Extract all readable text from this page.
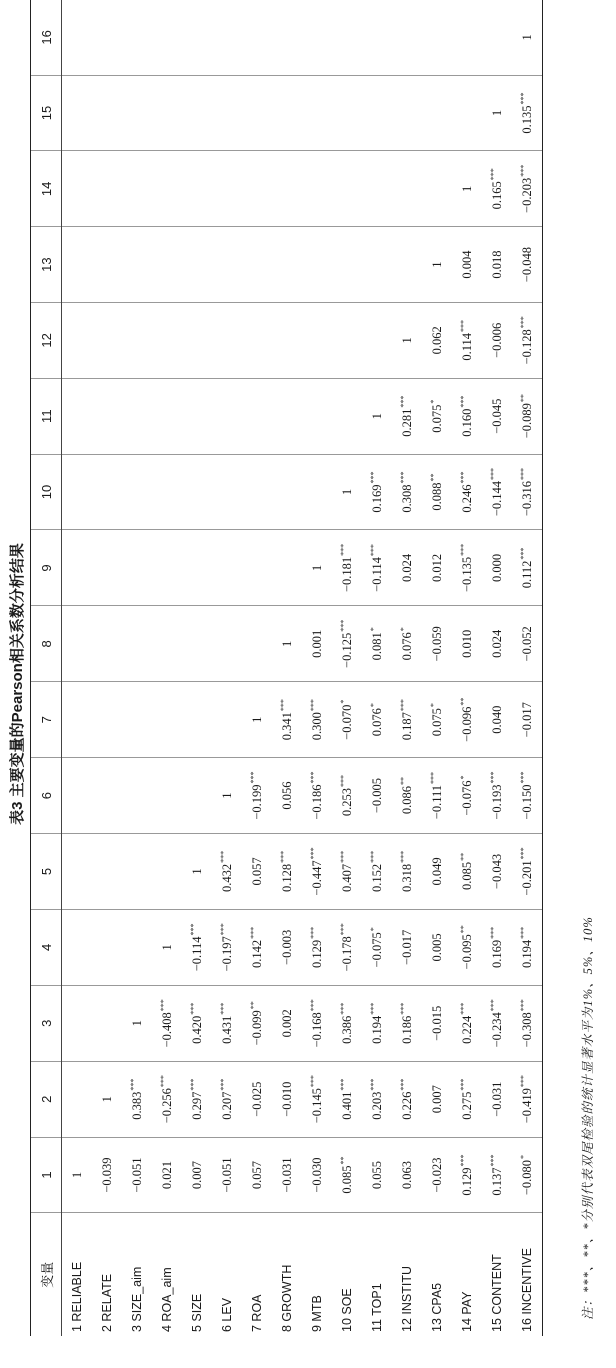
表3 主要变量的Pearson相关系数分析结果
变量	1	2	3	4	5	6	7	8	9	10	11	12	13	14	15	16
1 RELIABLE	1															
2 RELATE	−0.039	1														
3 SIZE_aim	−0.051	0.383***	1													
4 ROA_aim	0.021	−0.256***	−0.408***	1												
5 SIZE	0.007	0.297***	0.420***	−0.114***	1											
6 LEV	−0.051	0.207***	0.431***	−0.197***	0.432***	1										
7 ROA	0.057	−0.025	−0.099**	0.142***	0.057	−0.199***	1									
8 GROWTH	−0.031	−0.010	0.002	−0.003	0.128***	0.056	0.341***	1								
9 MTB	−0.030	−0.145***	−0.168***	0.129***	−0.447***	−0.186***	0.300***	0.001	1							
10 SOE	0.085**	0.401***	0.386***	−0.178***	0.407***	0.253***	−0.070*	−0.125***	−0.181***	1						
11 TOP1	0.055	0.203***	0.194***	−0.075*	0.152***	−0.005	0.076*	0.081*	−0.114***	0.169***	1					
12 INSTITU	0.063	0.226***	0.186***	−0.017	0.318***	0.086**	0.187***	0.076*	0.024	0.308***	0.281***	1				
13 CPA5	−0.023	0.007	−0.015	0.005	0.049	−0.111***	0.075*	−0.059	0.012	0.088**	0.075*	0.062	1			
14 PAY	0.129***	0.275***	0.224***	−0.095**	0.085**	−0.076*	−0.096**	0.010	−0.135***	0.246***	0.160***	0.114***	0.004	1		
15 CONTENT	0.137***	−0.031	−0.234***	0.169***	−0.043	−0.193***	0.040	0.024	0.000	−0.144***	−0.045	−0.006	0.018	0.165***	1	
16 INCENTIVE	−0.080*	−0.419***	−0.308***	0.194***	−0.201***	−0.150***	−0.017	−0.052	0.112***	−0.316***	−0.089**	−0.128***	−0.048	−0.203***	0.135***	1
注：***、**、*分别代表双尾检验的统计显著水平为1%、5%、10%
